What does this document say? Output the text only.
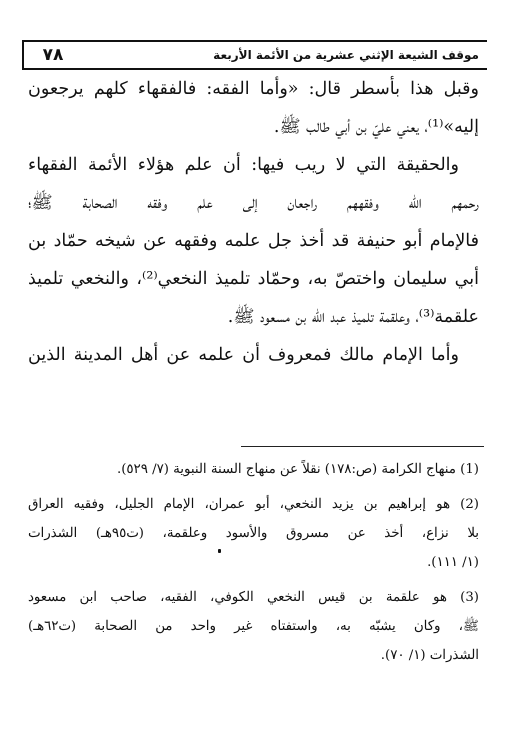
موقف الشيعة الإثني عشرية من الأئمة الأربعة
٧٨
وقبل هذا بأسطر قال: «وأما الفقه: فالفقهاء كلهم يرجعون
إليه»⁽¹⁾، يعني عليّ بن أبي طالب ﷺ.
والحقيقة التي لا ريب فيها: أن علم هؤلاء الأئمة الفقهاء
رحمهم الله وفقههم راجعان إلى علم وفقه الصحابة ﷺ؛
فالإمام أبو حنيفة قد أخذ جل علمه وفقهه عن شيخه حمّاد بن
أبي سليمان واختصّ به، وحمّاد تلميذ النخعي⁽²⁾، والنخعي تلميذ
علقمة⁽³⁾، وعلقمة تلميذ عبد الله بن مسعود ﷺ.
وأما الإمام مالك فمعروف أن علمه عن أهل المدينة الذين
(1) منهاج الكرامة (ص:١٧٨) نقلاً عن منهاج السنة النبوية (٧/ ٥٢٩).
(2) هو إبراهيم بن يزيد النخعي، أبو عمران، الإمام الجليل، وفقيه العراق
بلا نزاع، أخذ عن مسروق والأسود وعلقمة، (ت٩٥هـ) الشذرات
(١/ ١١١).
(3) هو علقمة بن قيس النخعي الكوفي، الفقيه، صاحب ابن مسعود
ﷺ، وكان يشبّه به، واستفتاه غير واحد من الصحابة (ت٦٢هـ)
الشذرات (١/ ٧٠).
